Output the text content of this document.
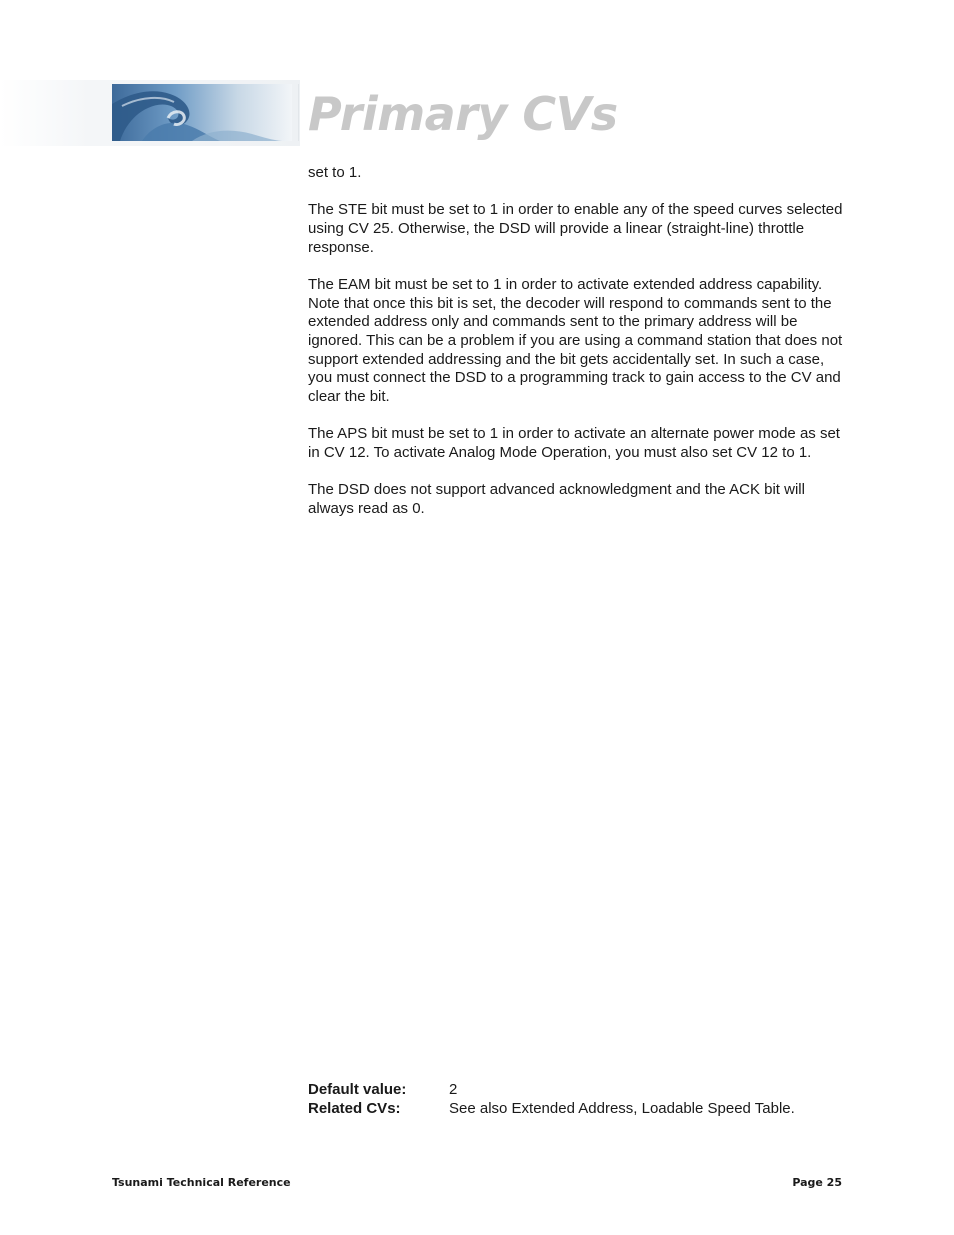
Primary CVs

set to 1.

The STE bit must be set to 1 in order to enable any of the speed curves selected using CV 25. Otherwise, the DSD will provide a linear (straight-line) throttle response.

The EAM bit must be set to 1 in order to activate extended address capability. Note that once this bit is set, the decoder will respond to commands sent to the extended address only and commands sent to the primary address will be ignored. This can be a problem if you are using a command station that does not support extended addressing and the bit gets accidentally set. In such a case, you must connect the DSD to a programming track to gain access to the CV and clear the bit.

The APS bit must be set to 1 in order to activate an alternate power mode as set in CV 12. To activate Analog Mode Operation, you must also set CV 12 to 1.

The DSD does not support advanced acknowledgment and the ACK bit will always read as 0.

Default value:	2
Related CVs:	See also Extended Address, Loadable Speed Table.
Tsunami Technical Reference	Page 25
